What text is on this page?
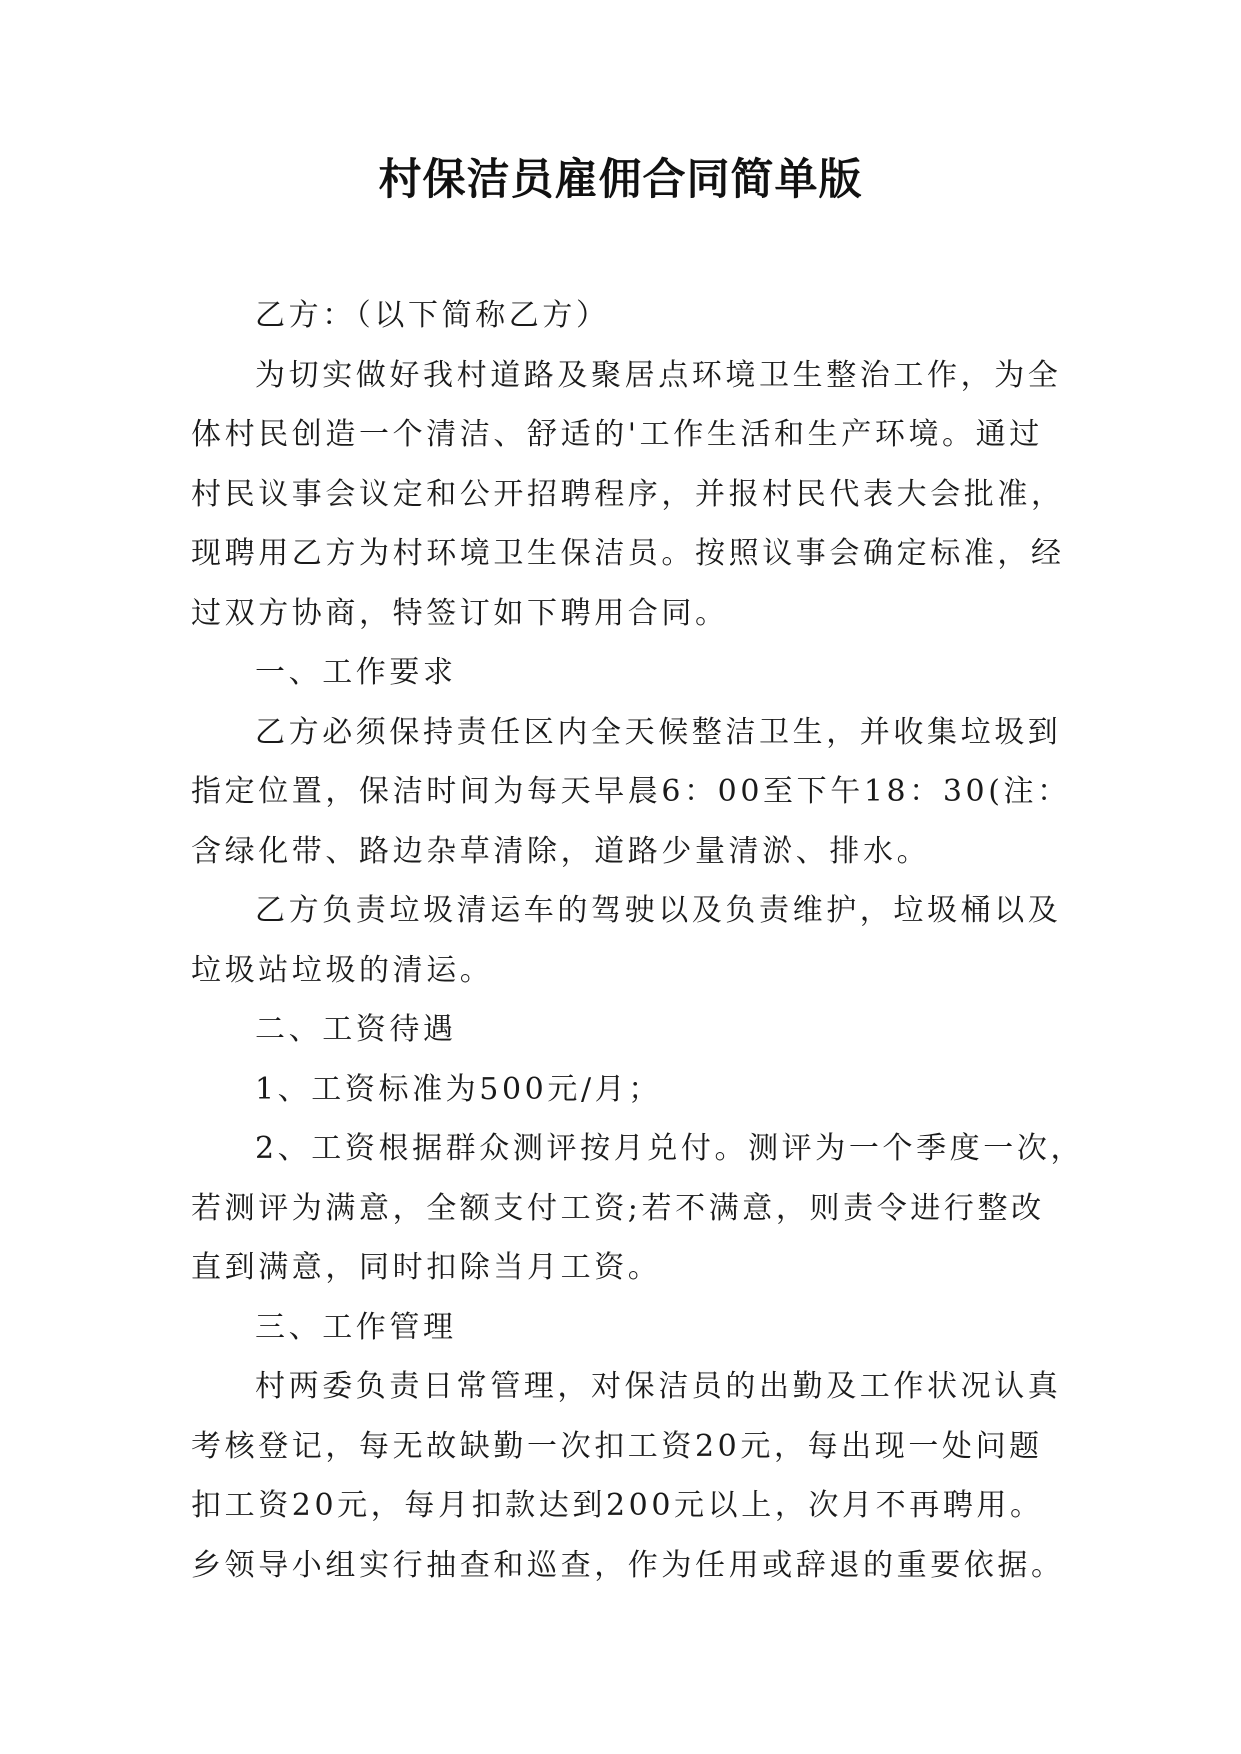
村保洁员雇佣合同简单版

乙方：（以下简称乙方）

为切实做好我村道路及聚居点环境卫生整治工作，为全

体村民创造一个清洁、舒适的'工作生活和生产环境。通过

村民议事会议定和公开招聘程序，并报村民代表大会批准，

现聘用乙方为村环境卫生保洁员。按照议事会确定标准，经

过双方协商，特签订如下聘用合同。

一、工作要求

乙方必须保持责任区内全天候整洁卫生，并收集垃圾到

指定位置，保洁时间为每天早晨6：00至下午18：30(注：

含绿化带、路边杂草清除，道路少量清淤、排水。

乙方负责垃圾清运车的驾驶以及负责维护，垃圾桶以及

垃圾站垃圾的清运。

二、工资待遇

1、工资标准为500元/月；

2、工资根据群众测评按月兑付。测评为一个季度一次，

若测评为满意，全额支付工资;若不满意，则责令进行整改

直到满意，同时扣除当月工资。

三、工作管理

村两委负责日常管理，对保洁员的出勤及工作状况认真

考核登记，每无故缺勤一次扣工资20元，每出现一处问题

扣工资20元，每月扣款达到200元以上，次月不再聘用。

乡领导小组实行抽查和巡查，作为任用或辞退的重要依据。
